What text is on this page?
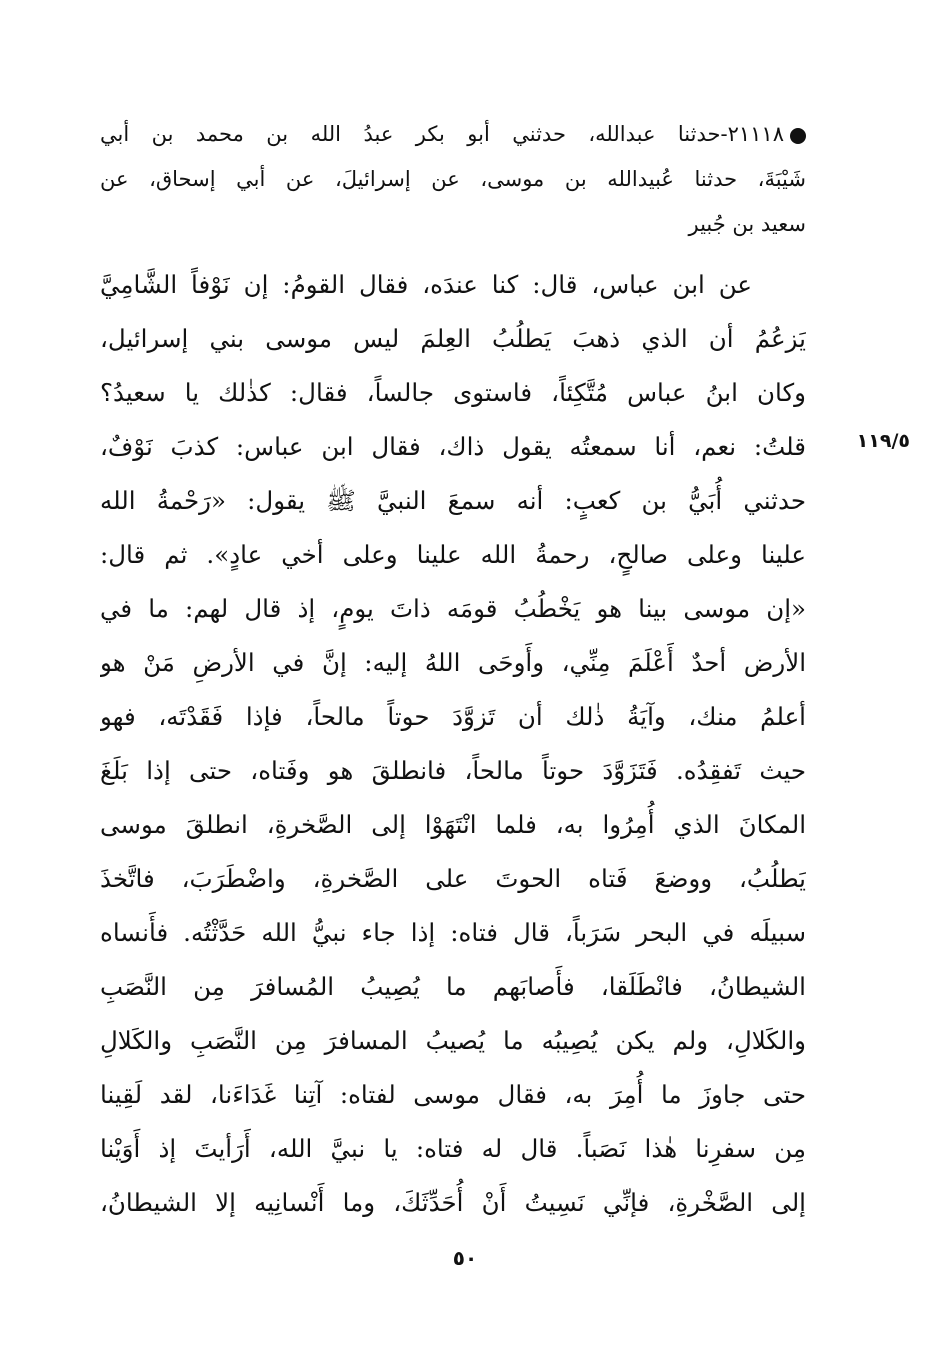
٢١١١٨-حدثنا عبدالله، حدثني أبو بكر عبدُ الله بن محمد بن أبي
شَيْبَةَ، حدثنا عُبيدالله بن موسى، عن إسرائيلَ، عن أبي إسحاق، عن
سعيد بن جُبير
عن ابن عباس، قال: كنا عندَه، فقال القومُ: إن نَوْفاً الشَّامِيَّ
يَزعُمُ أن الذي ذهبَ يَطلُبُ العِلمَ ليس موسى بني إسرائيل،
وكان ابنُ عباس مُتَّكِئاً، فاستوى جالساً، فقال: كذٰلك يا سعيدُ؟
قلتُ: نعم، أنا سمعتُه يقول ذاك، فقال ابن عباس: كذبَ نَوْفٌ،
حدثني أُبَيُّ بن كعبٍ: أنه سمعَ النبيَّ ﷺ يقول: «رَحْمةُ الله
علينا وعلى صالحٍ، رحمةُ الله علينا وعلى أخي عادٍ». ثم قال:
«إن موسى بينا هو يَخْطُبُ قومَه ذاتَ يومٍ، إذ قال لهم: ما في
الأرض أحدٌ أَعْلَمَ مِنِّي، وأَوحَى اللهُ إليه: إنَّ في الأرضِ مَنْ هو
أعلمُ منك، وآيَةُ ذٰلك أن تَزوَّدَ حوتاً مالحاً، فإذا فَقَدْتَه، فهو
حيث تَفقِدُه. فَتَزَوَّدَ حوتاً مالحاً، فانطلقَ هو وفَتاه، حتى إذا بَلَغَ
المكانَ الذي أُمِرُوا به، فلما انْتَهَوْا إلى الصَّخرةِ، انطلقَ موسى
يَطلُبُ، ووضعَ فَتاه الحوتَ على الصَّخرةِ، واضْطَرَبَ، فاتَّخذَ
سبيلَه في البحر سَرَباً، قال فتاه: إذا جاء نبيُّ الله حَدَّثْتُه. فأَنساه
الشيطانُ، فانْطَلَقا، فأَصابَهم ما يُصِيبُ المُسافرَ مِن النَّصَبِ
والكَلالِ، ولم يكن يُصِيبُه ما يُصيبُ المسافرَ مِن النَّصَبِ والكَلالِ
حتى جاوزَ ما أُمِرَ به، فقال موسى لفتاه: آتِنا غَدَاءَنا، لقد لَقِينا
مِن سفرِنا هٰذا نَصَباً. قال له فتاه: يا نبيَّ الله، أَرَأيتَ إذ أَوَيْنا
إلى الصَّخْرةِ، فإنِّي نَسِيتُ أَنْ أُحَدِّثَكَ، وما أَنْسانِيه إلا الشيطانُ،
١١٩/٥
٥٠
